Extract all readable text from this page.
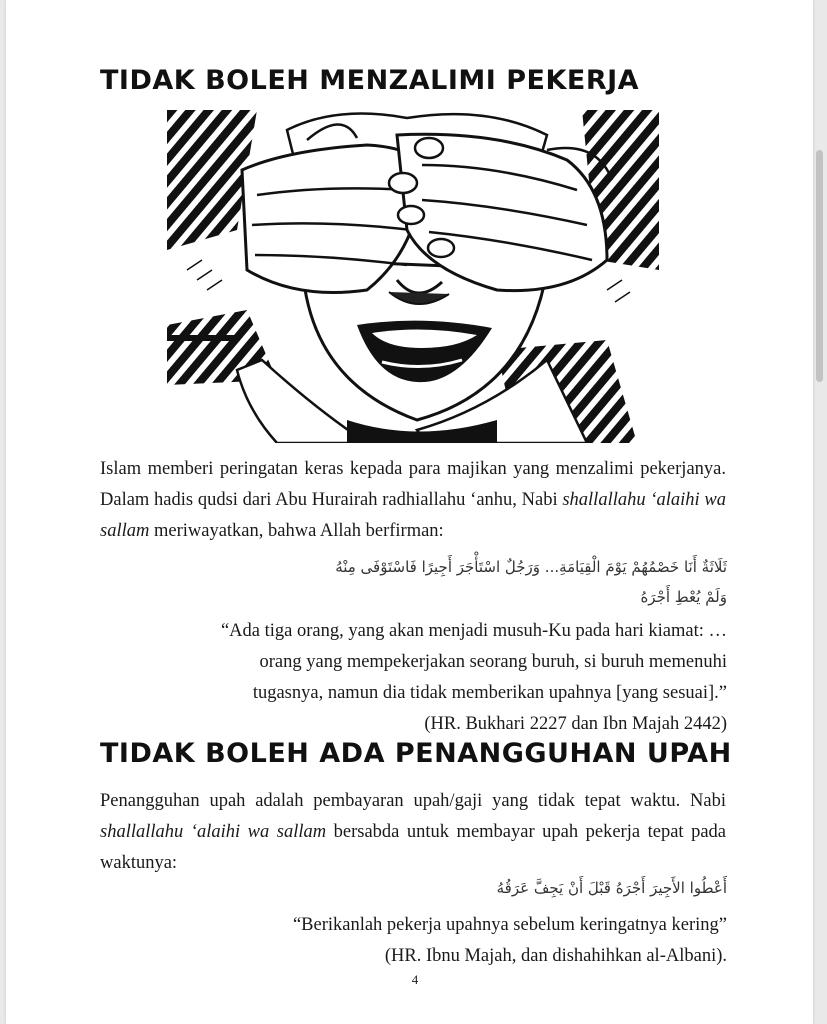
TIDAK BOLEH MENZALIMI PEKERJA

Islam memberi peringatan keras kepada para majikan yang menzalimi pekerjanya. Dalam hadis qudsi dari Abu Hurairah radhiallahu ‘anhu, Nabi shallallahu ‘alaihi wa sallam meriwayatkan, bahwa Allah berfirman:

ثَلَاثَةٌ أَنَا خَصْمُهُمْ يَوْمَ الْقِيَامَةِ... وَرَجُلٌ اسْتَأْجَرَ أَجِيرًا فَاسْتَوْفَى مِنْهُ
وَلَمْ يُعْطِ أَجْرَهُ
“Ada tiga orang, yang akan menjadi musuh-Ku pada hari kiamat: …
orang yang mempekerjakan seorang buruh, si buruh memenuhi
tugasnya, namun dia tidak memberikan upahnya [yang sesuai].”
(HR. Bukhari 2227 dan Ibn Majah 2442)
TIDAK BOLEH ADA PENANGGUHAN UPAH

Penangguhan upah adalah pembayaran upah/gaji yang tidak tepat waktu. Nabi shallallahu ‘alaihi wa sallam bersabda untuk membayar upah pekerja tepat pada waktunya:

أَعْطُوا الأَجِيرَ أَجْرَهُ قَبْلَ أَنْ يَجِفَّ عَرَقُهُ
“Berikanlah pekerja upahnya sebelum keringatnya kering”
(HR. Ibnu Majah, dan dishahihkan al-Albani).
4
